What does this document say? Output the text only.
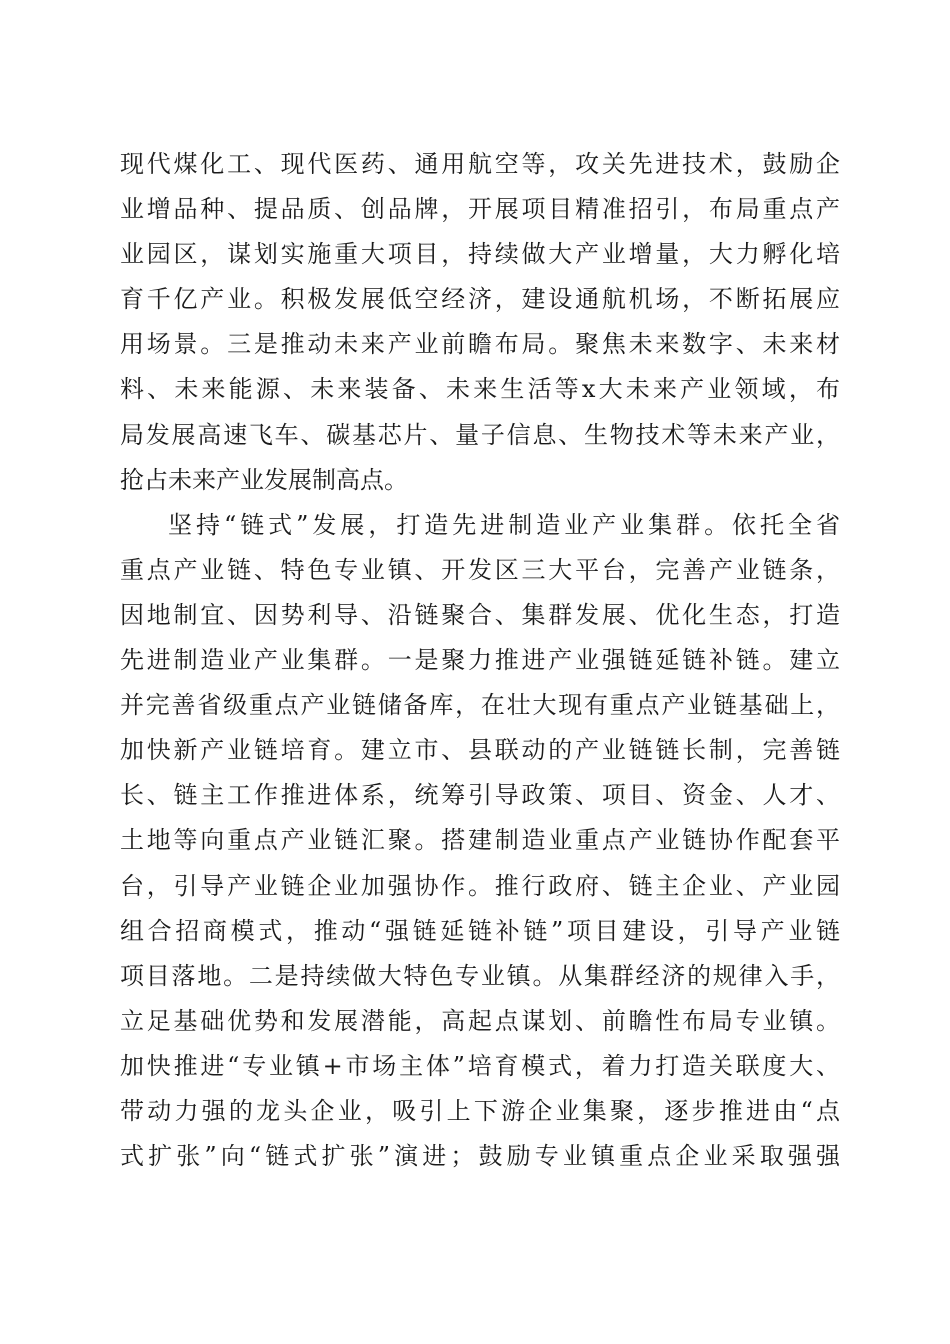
现代煤化工、现代医药、通用航空等，攻关先进技术，鼓励企
业增品种、提品质、创品牌，开展项目精准招引，布局重点产
业园区，谋划实施重大项目，持续做大产业增量，大力孵化培
育千亿产业。积极发展低空经济，建设通航机场，不断拓展应
用场景。三是推动未来产业前瞻布局。聚焦未来数字、未来材
料、未来能源、未来装备、未来生活等x大未来产业领域，布
局发展高速飞车、碳基芯片、量子信息、生物技术等未来产业，
抢占未来产业发展制高点。
坚持“链式”发展，打造先进制造业产业集群。依托全省
重点产业链、特色专业镇、开发区三大平台，完善产业链条，
因地制宜、因势利导、沿链聚合、集群发展、优化生态，打造
先进制造业产业集群。一是聚力推进产业强链延链补链。建立
并完善省级重点产业链储备库，在壮大现有重点产业链基础上，
加快新产业链培育。建立市、县联动的产业链链长制，完善链
长、链主工作推进体系，统筹引导政策、项目、资金、人才、
土地等向重点产业链汇聚。搭建制造业重点产业链协作配套平
台，引导产业链企业加强协作。推行政府、链主企业、产业园
组合招商模式，推动“强链延链补链”项目建设，引导产业链
项目落地。二是持续做大特色专业镇。从集群经济的规律入手，
立足基础优势和发展潜能，高起点谋划、前瞻性布局专业镇。
加快推进“专业镇+市场主体”培育模式，着力打造关联度大、
带动力强的龙头企业，吸引上下游企业集聚，逐步推进由“点
式扩张”向“链式扩张”演进；鼓励专业镇重点企业采取强强
